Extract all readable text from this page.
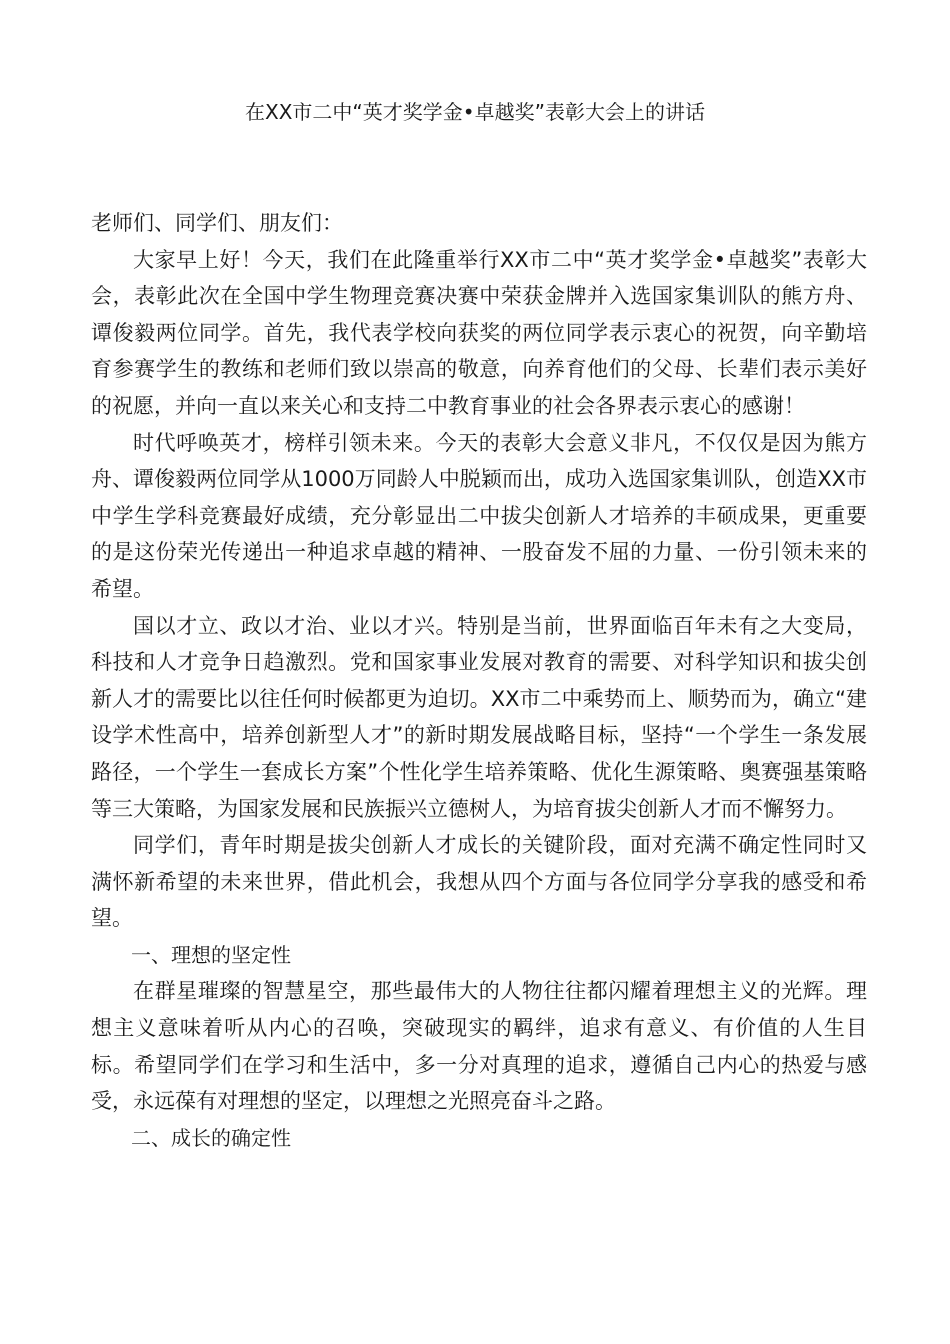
在XX市二中“英才奖学金•卓越奖”表彰大会上的讲话

老师们、同学们、朋友们：

大家早上好！今天，我们在此隆重举行XX市二中“英才奖学金•卓越奖”表彰大会，表彰此次在全国中学生物理竞赛决赛中荣获金牌并入选国家集训队的熊方舟、谭俊毅两位同学。首先，我代表学校向获奖的两位同学表示衷心的祝贺，向辛勤培育参赛学生的教练和老师们致以崇高的敬意，向养育他们的父母、长辈们表示美好的祝愿，并向一直以来关心和支持二中教育事业的社会各界表示衷心的感谢！

时代呼唤英才，榜样引领未来。今天的表彰大会意义非凡，不仅仅是因为熊方舟、谭俊毅两位同学从1000万同龄人中脱颖而出，成功入选国家集训队，创造XX市中学生学科竞赛最好成绩，充分彰显出二中拔尖创新人才培养的丰硕成果，更重要的是这份荣光传递出一种追求卓越的精神、一股奋发不屈的力量、一份引领未来的希望。

国以才立、政以才治、业以才兴。特别是当前，世界面临百年未有之大变局，科技和人才竞争日趋激烈。党和国家事业发展对教育的需要、对科学知识和拔尖创新人才的需要比以往任何时候都更为迫切。XX市二中乘势而上、顺势而为，确立“建设学术性高中，培养创新型人才”的新时期发展战略目标，坚持“一个学生一条发展路径，一个学生一套成长方案”个性化学生培养策略、优化生源策略、奥赛强基策略等三大策略，为国家发展和民族振兴立德树人，为培育拔尖创新人才而不懈努力。

同学们，青年时期是拔尖创新人才成长的关键阶段，面对充满不确定性同时又满怀新希望的未来世界，借此机会，我想从四个方面与各位同学分享我的感受和希望。

一、理想的坚定性

在群星璀璨的智慧星空，那些最伟大的人物往往都闪耀着理想主义的光辉。理想主义意味着听从内心的召唤，突破现实的羁绊，追求有意义、有价值的人生目标。希望同学们在学习和生活中，多一分对真理的追求，遵循自己内心的热爱与感受，永远葆有对理想的坚定，以理想之光照亮奋斗之路。

二、成长的确定性
